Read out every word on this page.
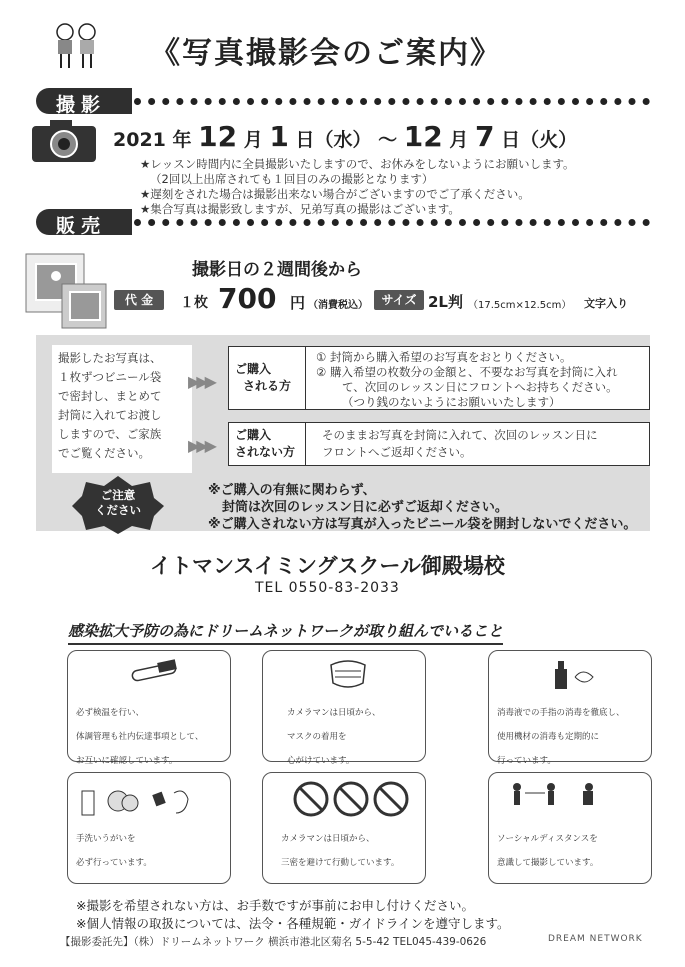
《写真撮影会のご案内》
撮影
2021 年 12 月 1 日（水） ～ 12 月 7 日（火）
★レッスン時間内に全員撮影いたしますので、お休みをしないようにお願いします。
（2回以上出席されても１回目のみの撮影となります）
★遅刻をされた場合は撮影出来ない場合がございますのでご了承ください。
★集合写真は撮影致しますが、兄弟写真の撮影はございます。
販売
撮影日の２週間後から
代 金	１枚 700 円 （消費税込）	サイズ 2L判 （17.5cm×12.5cm） 文字入り
撮影したお写真は、
１枚ずつビニール袋
で密封し、まとめて
封筒に入れてお渡し
しますので、ご家族
でご覧ください。
▶▶▶
▶▶▶
ご購入
される方
① 封筒から購入希望のお写真をおとりください。
② 購入希望の枚数分の金額と、不要なお写真を封筒に入れ
て、次回のレッスン日にフロントへお持ちください。
（つり銭のないようにお願いいたします）
ご購入
されない方
そのままお写真を封筒に入れて、次回のレッスン日に
フロントへご返却ください。
ご注意
ください
※ご購入の有無に関わらず、
封筒は次回のレッスン日に必ずご返却ください。
※ご購入されない方は写真が入ったビニール袋を開封しないでください。
イトマンスイミングスクール御殿場校
TEL 0550-83-2033
感染拡大予防の為にドリームネットワークが取り組んでいること
必ず検温を行い、
体調管理も社内伝達事項として、
お互いに確認しています。
カメラマンは日頃から、
マスクの着用を
心がけています。
消毒液での手指の消毒を徹底し、
使用機材の消毒も定期的に
行っています。
手洗いうがいを
必ず行っています。
カメラマンは日頃から、
三密を避けて行動しています。
ソーシャルディスタンスを
意識して撮影しています。
※撮影を希望されない方は、お手数ですが事前にお申し付けください。
※個人情報の取扱については、法令・各種規範・ガイドラインを遵守します。
【撮影委託先】（株）ドリームネットワーク 横浜市港北区菊名 5-5-42 TEL045-439-0626	DREAM NETWORK
